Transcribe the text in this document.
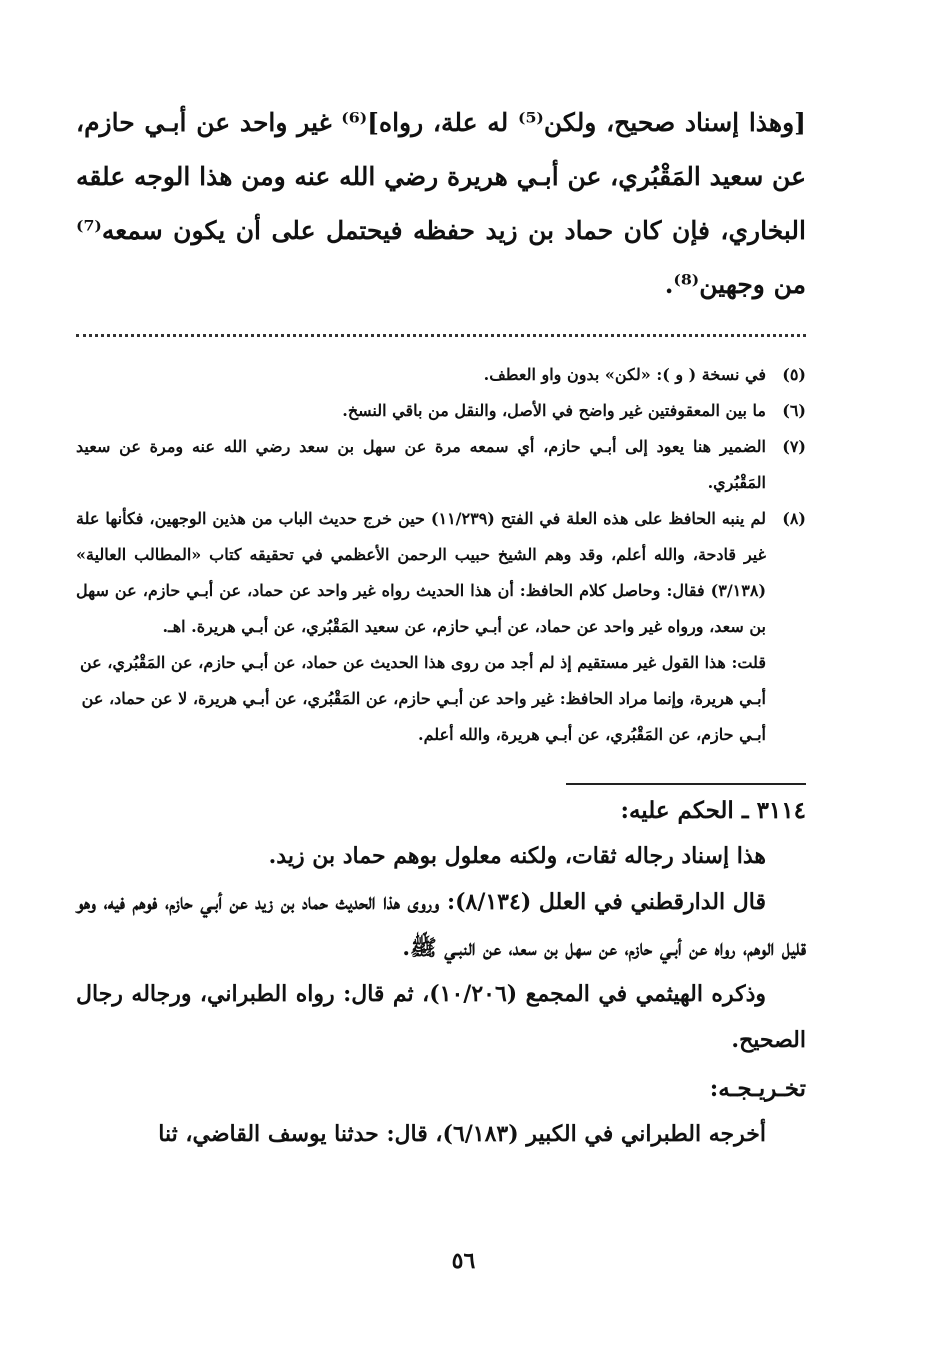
[وهذا إسناد صحيح، ولكن⁽⁵⁾ له علة، رواه]⁽⁶⁾ غير واحد عن أبـي حازم، عن سعيد المَقْبُري، عن أبـي هريرة رضي الله عنه ومن هذا الوجه علقه البخاري، فإن كان حماد بن زيد حفظه فيحتمل على أن يكون سمعه⁽⁷⁾ من وجهين⁽⁸⁾.

(٥)
في نسخة ( و ): «لكن» بدون واو العطف.
(٦)
ما بين المعقوفتين غير واضح في الأصل، والنقل من باقي النسخ.
(٧)
الضمير هنا يعود إلى أبـي حازم، أي سمعه مرة عن سهل بن سعد رضي الله عنه ومرة عن سعيد المَقْبُري.
(٨)
لم ينبه الحافظ على هذه العلة في الفتح (١١/٢٣٩) حين خرج حديث الباب من هذين الوجهين، فكأنها علة غير قادحة، والله أعلم، وقد وهم الشيخ حبيب الرحمن الأعظمي في تحقيقه كتاب «المطالب العالية» (٣/١٣٨) فقال: وحاصل كلام الحافظ: أن هذا الحديث رواه غير واحد عن حماد، عن أبـي حازم، عن سهل بن سعد، ورواه غير واحد عن حماد، عن أبـي حازم، عن سعيد المَقْبُري، عن أبـي هريرة. اهـ.

قلت: هذا القول غير مستقيم إذ لم أجد من روى هذا الحديث عن حماد، عن أبـي حازم، عن المَقْبُري، عن أبـي هريرة، وإنما مراد الحافظ: غير واحد عن أبـي حازم، عن المَقْبُري، عن أبـي هريرة، لا عن حماد، عن أبـي حازم، عن المَقْبُري، عن أبـي هريرة، والله أعلم.

٣١١٤ ـ الحكم عليه:

هذا إسناد رجاله ثقات، ولكنه معلول بوهم حماد بن زيد.

قال الدارقطني في العلل (٨/١٣٤): وروى هذا الحديث حماد بن زيد عن أبـي حازم، فوهم فيه، وهو قليل الوهم، رواه عن أبـي حازم، عن سهل بن سعد، عن النبـي ﷺ.

وذكره الهيثمي في المجمع (١٠/٢٠٦)، ثم قال: رواه الطبراني، ورجاله رجال الصحيح.

تخـريـجـه:

أخرجه الطبراني في الكبير (٦/١٨٣)، قال: حدثنا يوسف القاضي، ثنا

٥٦
